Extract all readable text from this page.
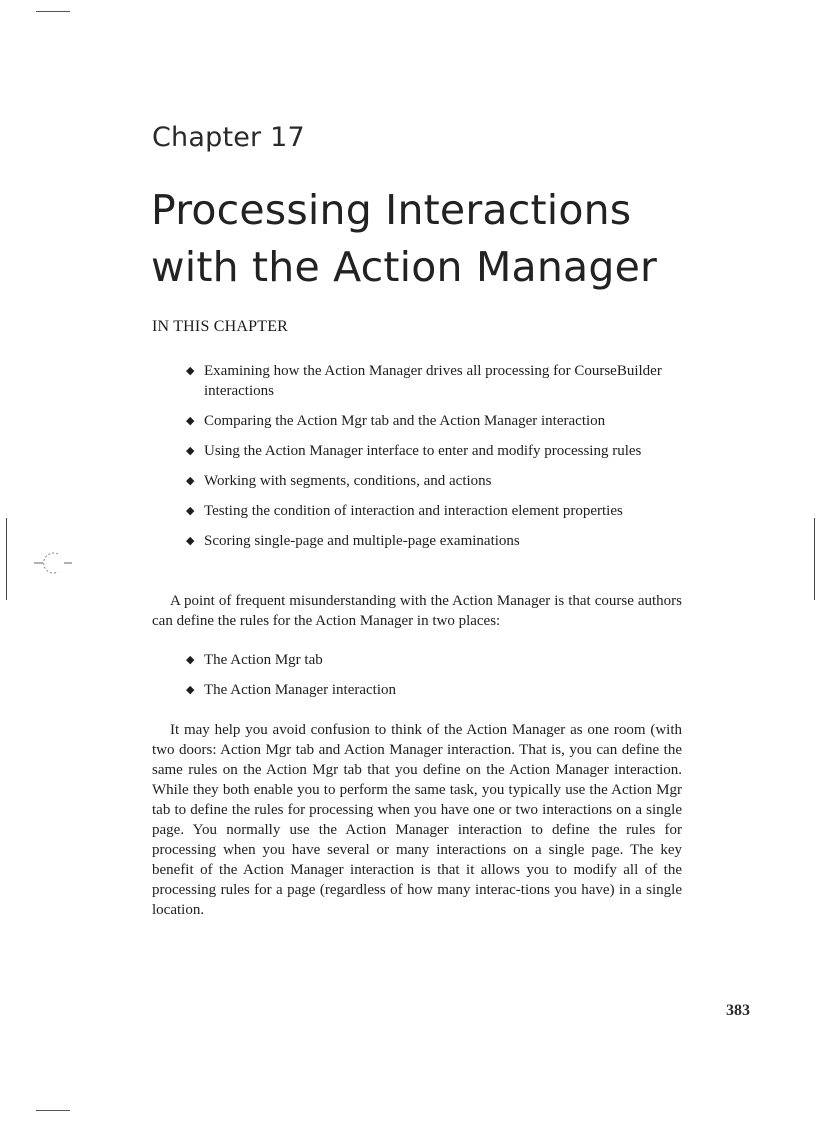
Chapter 17
Processing Interactions
with the Action Manager
IN THIS CHAPTER
◆ Examining how the Action Manager drives all processing for CourseBuilder interactions
◆ Comparing the Action Mgr tab and the Action Manager interaction
◆ Using the Action Manager interface to enter and modify processing rules
◆ Working with segments, conditions, and actions
◆ Testing the condition of interaction and interaction element properties
◆ Scoring single-page and multiple-page examinations

A point of frequent misunderstanding with the Action Manager is that course authors can define the rules for the Action Manager in two places:

◆ The Action Mgr tab
◆ The Action Manager interaction

It may help you avoid confusion to think of the Action Manager as one room (with two doors: Action Mgr tab and Action Manager interaction. That is, you can define the same rules on the Action Mgr tab that you define on the Action Manager interaction. While they both enable you to perform the same task, you typically use the Action Mgr tab to define the rules for processing when you have one or two interactions on a single page. You normally use the Action Manager interaction to define the rules for processing when you have several or many interactions on a single page. The key benefit of the Action Manager interaction is that it allows you to modify all of the processing rules for a page (regardless of how many interac-tions you have) in a single location.

383
